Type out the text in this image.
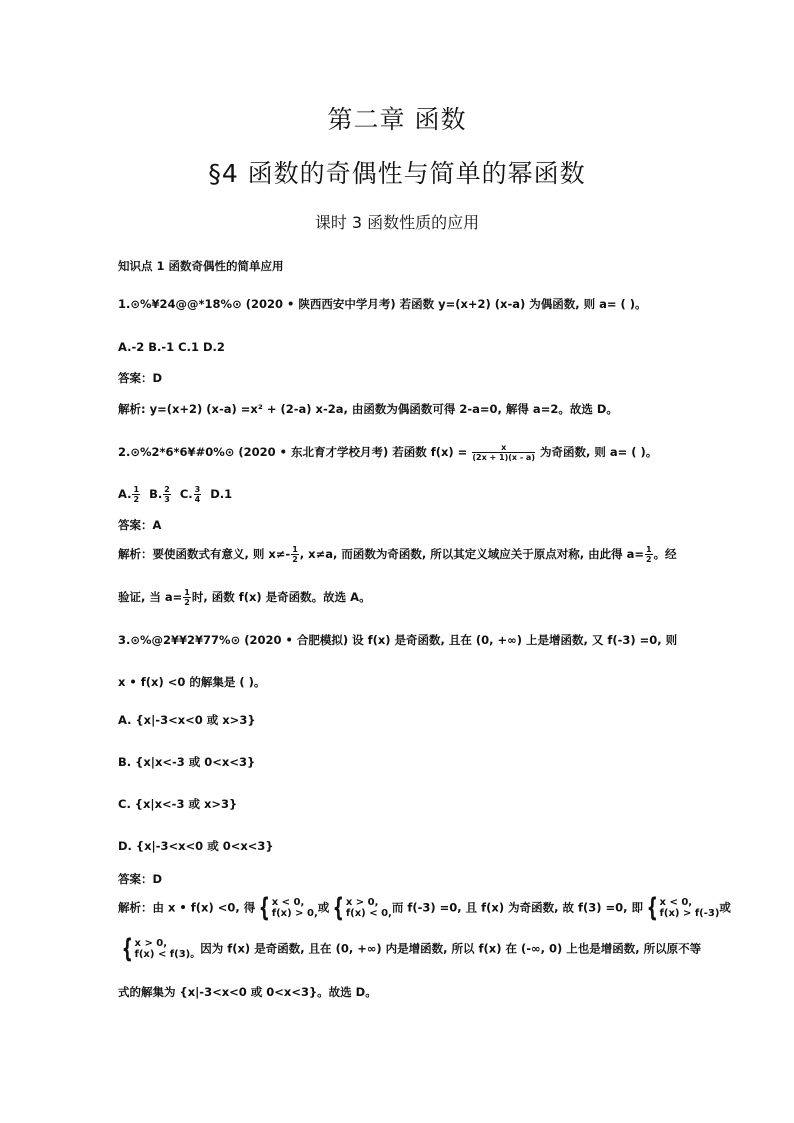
第二章 函数
§4 函数的奇偶性与简单的幂函数
课时 3 函数性质的应用
知识点 1 函数奇偶性的简单应用
1.⊙%¥24@@*18%⊙ (2020 • 陕西西安中学月考) 若函数 y=(x+2) (x-a) 为偶函数, 则 a= ( )。
A.-2 B.-1 C.1 D.2
答案：D
解析: y=(x+2) (x-a) =x² + (2-a) x-2a, 由函数为偶函数可得 2-a=0, 解得 a=2。故选 D。
2.⊙%2*6*6¥#0%⊙ (2020 • 东北育才学校月考) 若函数 $f(x) = \frac{x}{(2x + 1)(x - a)}$ 为奇函数, 则 a= ( )。
A. $\frac{1}{2} B$. $\frac{2}{3} C$. $\frac{3}{4} D.1$
答案：A
解析：要使函数式有意义, 则 $x\ne- \frac{1}{2}$ , x≠a, 而函数为奇函数, 所以其定义域应关于原点对称, 由此得 $a= \frac{1}{2}$ 。经
验证, 当 $a= \frac{1}{2}$ 时, 函数 f(x) 是奇函数。故选 A。
3.⊙%@2¥¥2¥77%⊙ (2020 • 合肥模拟) 设 f(x) 是奇函数, 且在 (0, +∞) 上是增函数, 又 f(-3) =0, 则
x • f(x) <0 的解集是 ( )。
A. {x|-3<x<0 或 x>3}
B. {x|x<-3 或 0<x<3}
C. {x|x<-3 或 x>3}
D. {x|-3<x<0 或 0<x<3}
答案：D
解析：由 x • f(x) <0, 得 { x < 0,
f(x) > 0, 或 { x > 0,
f(x) < 0, 而 f(-3) =0, 且 f(x) 为奇函数, 故 f(3) =0, 即 { x < 0,
f(x) > f(-3) 或
{ x > 0,
f(x) < f(3)。 因为 f(x) 是奇函数, 且在 (0, +∞) 内是增函数, 所以 f(x) 在 (-∞, 0) 上也是增函数, 所以原不等
式的解集为 {x|-3<x<0 或 0<x<3}。故选 D。
